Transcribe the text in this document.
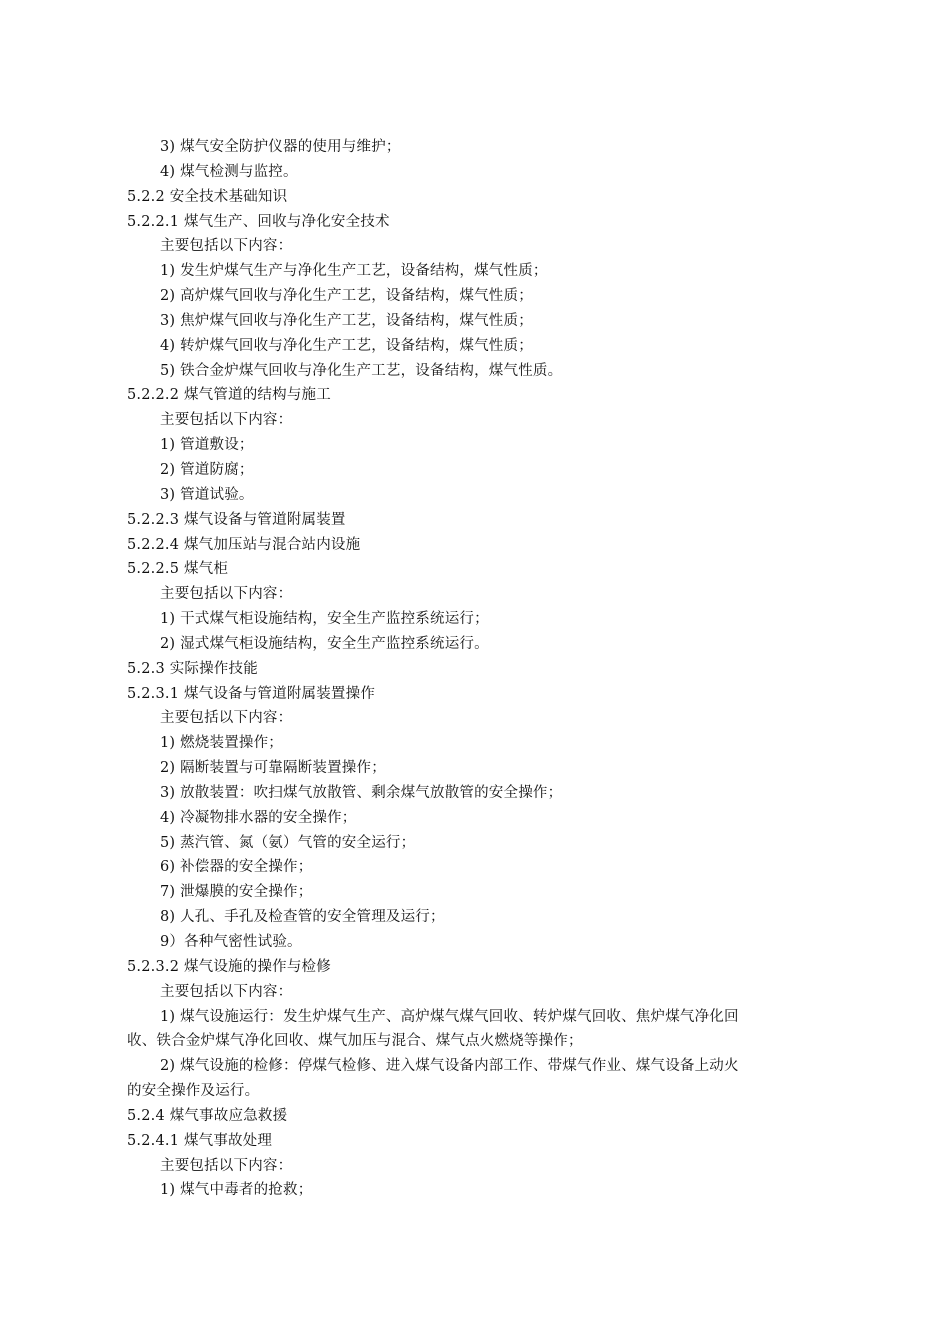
3) 煤气安全防护仪器的使用与维护；
4) 煤气检测与监控。
5.2.2 安全技术基础知识
5.2.2.1 煤气生产、回收与净化安全技术
主要包括以下内容：
1) 发生炉煤气生产与净化生产工艺，设备结构，煤气性质；
2) 高炉煤气回收与净化生产工艺，设备结构，煤气性质；
3) 焦炉煤气回收与净化生产工艺，设备结构，煤气性质；
4) 转炉煤气回收与净化生产工艺，设备结构，煤气性质；
5) 铁合金炉煤气回收与净化生产工艺，设备结构，煤气性质。
5.2.2.2 煤气管道的结构与施工
主要包括以下内容：
1) 管道敷设；
2) 管道防腐；
3) 管道试验。
5.2.2.3 煤气设备与管道附属装置
5.2.2.4 煤气加压站与混合站内设施
5.2.2.5 煤气柜
主要包括以下内容：
1) 干式煤气柜设施结构，安全生产监控系统运行；
2) 湿式煤气柜设施结构，安全生产监控系统运行。
5.2.3 实际操作技能
5.2.3.1 煤气设备与管道附属装置操作
主要包括以下内容：
1) 燃烧装置操作；
2) 隔断装置与可靠隔断装置操作；
3) 放散装置：吹扫煤气放散管、剩余煤气放散管的安全操作；
4) 冷凝物排水器的安全操作；
5) 蒸汽管、氮（氨）气管的安全运行；
6) 补偿器的安全操作；
7) 泄爆膜的安全操作；
8) 人孔、手孔及检查管的安全管理及运行；
9）各种气密性试验。
5.2.3.2 煤气设施的操作与检修
主要包括以下内容：
1) 煤气设施运行：发生炉煤气生产、高炉煤气煤气回收、转炉煤气回收、焦炉煤气净化回
收、铁合金炉煤气净化回收、煤气加压与混合、煤气点火燃烧等操作；
2) 煤气设施的检修：停煤气检修、进入煤气设备内部工作、带煤气作业、煤气设备上动火
的安全操作及运行。
5.2.4 煤气事故应急救援
5.2.4.1 煤气事故处理
主要包括以下内容：
1) 煤气中毒者的抢救；
